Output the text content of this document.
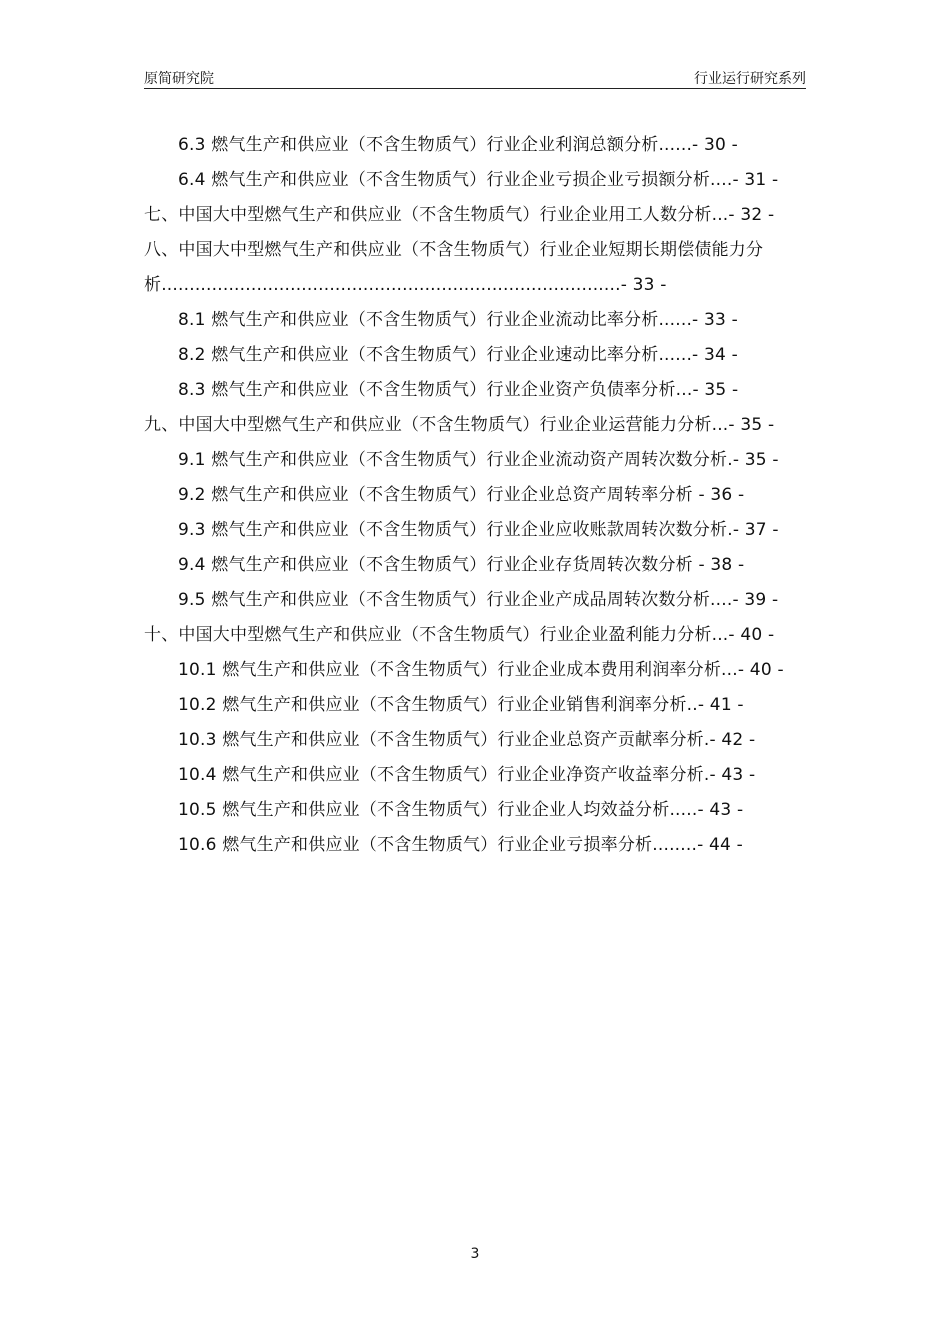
原简研究院	行业运行研究系列
6.3 燃气生产和供应业（不含生物质气）行业企业利润总额分析......- 30 -
6.4 燃气生产和供应业（不含生物质气）行业企业亏损企业亏损额分析....- 31 -
七、中国大中型燃气生产和供应业（不含生物质气）行业企业用工人数分析...- 32 -
八、中国大中型燃气生产和供应业（不含生物质气）行业企业短期长期偿债能力分析..................................................................................- 33 -
8.1 燃气生产和供应业（不含生物质气）行业企业流动比率分析......- 33 -
8.2 燃气生产和供应业（不含生物质气）行业企业速动比率分析......- 34 -
8.3 燃气生产和供应业（不含生物质气）行业企业资产负债率分析...- 35 -
九、中国大中型燃气生产和供应业（不含生物质气）行业企业运营能力分析...- 35 -
9.1 燃气生产和供应业（不含生物质气）行业企业流动资产周转次数分析.- 35 -
9.2 燃气生产和供应业（不含生物质气）行业企业总资产周转率分析 - 36 -
9.3 燃气生产和供应业（不含生物质气）行业企业应收账款周转次数分析.- 37 -
9.4 燃气生产和供应业（不含生物质气）行业企业存货周转次数分析 - 38 -
9.5 燃气生产和供应业（不含生物质气）行业企业产成品周转次数分析....- 39 -
十、中国大中型燃气生产和供应业（不含生物质气）行业企业盈利能力分析...- 40 -
10.1 燃气生产和供应业（不含生物质气）行业企业成本费用利润率分析...- 40 -
10.2 燃气生产和供应业（不含生物质气）行业企业销售利润率分析..- 41 -
10.3 燃气生产和供应业（不含生物质气）行业企业总资产贡献率分析.- 42 -
10.4 燃气生产和供应业（不含生物质气）行业企业净资产收益率分析.- 43 -
10.5 燃气生产和供应业（不含生物质气）行业企业人均效益分析.....- 43 -
10.6 燃气生产和供应业（不含生物质气）行业企业亏损率分析........- 44 -
3
